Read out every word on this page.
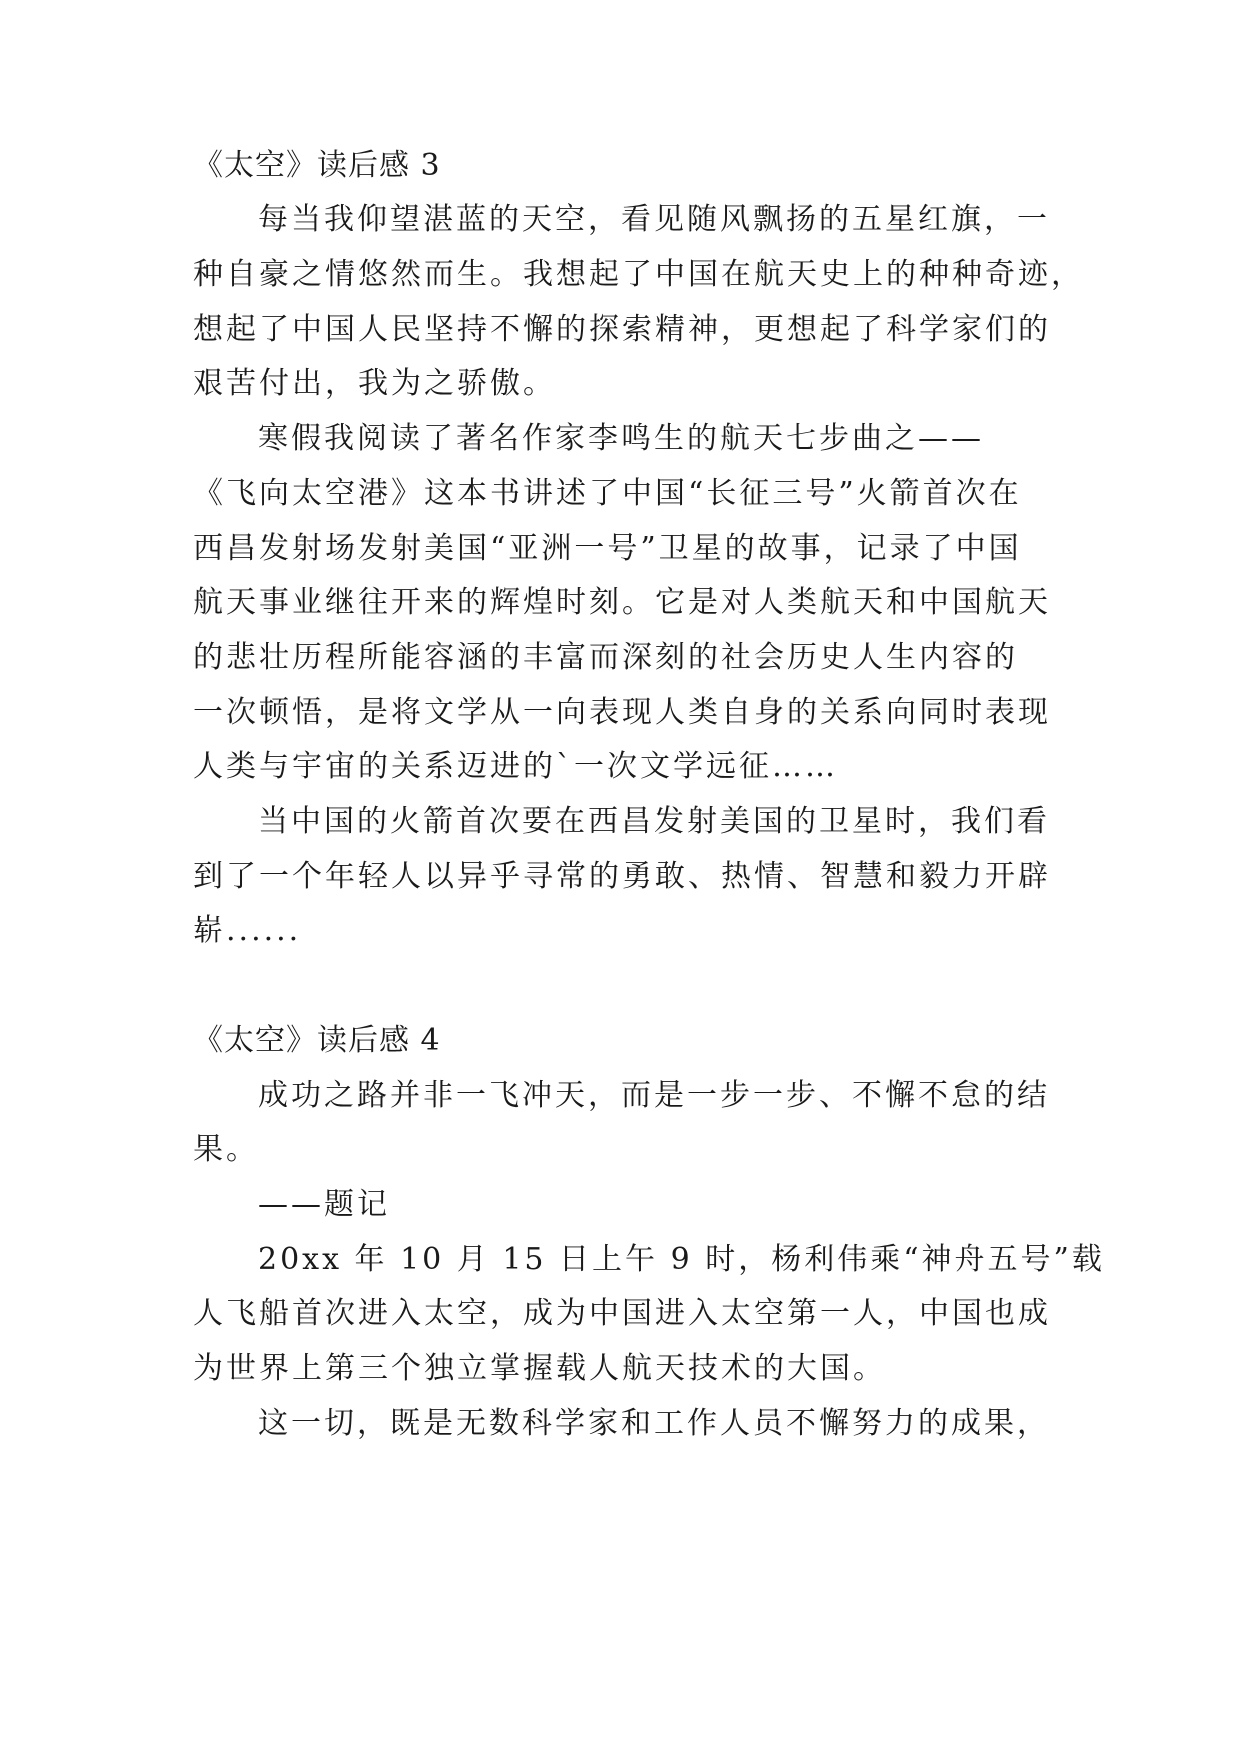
《太空》读后感 3
每当我仰望湛蓝的天空，看见随风飘扬的五星红旗，一
种自豪之情悠然而生。我想起了中国在航天史上的种种奇迹，
想起了中国人民坚持不懈的探索精神，更想起了科学家们的
艰苦付出，我为之骄傲。
寒假我阅读了著名作家李鸣生的航天七步曲之——
《飞向太空港》这本书讲述了中国“长征三号”火箭首次在
西昌发射场发射美国“亚洲一号”卫星的故事，记录了中国
航天事业继往开来的辉煌时刻。它是对人类航天和中国航天
的悲壮历程所能容涵的丰富而深刻的社会历史人生内容的
一次顿悟，是将文学从一向表现人类自身的关系向同时表现
人类与宇宙的关系迈进的`一次文学远征……
当中国的火箭首次要在西昌发射美国的卫星时，我们看
到了一个年轻人以异乎寻常的勇敢、热情、智慧和毅力开辟
崭......
《太空》读后感 4
成功之路并非一飞冲天，而是一步一步、不懈不怠的结
果。
——题记
20xx 年 10 月 15 日上午 9 时，杨利伟乘“神舟五号”载
人飞船首次进入太空，成为中国进入太空第一人，中国也成
为世界上第三个独立掌握载人航天技术的大国。
这一切，既是无数科学家和工作人员不懈努力的成果，
